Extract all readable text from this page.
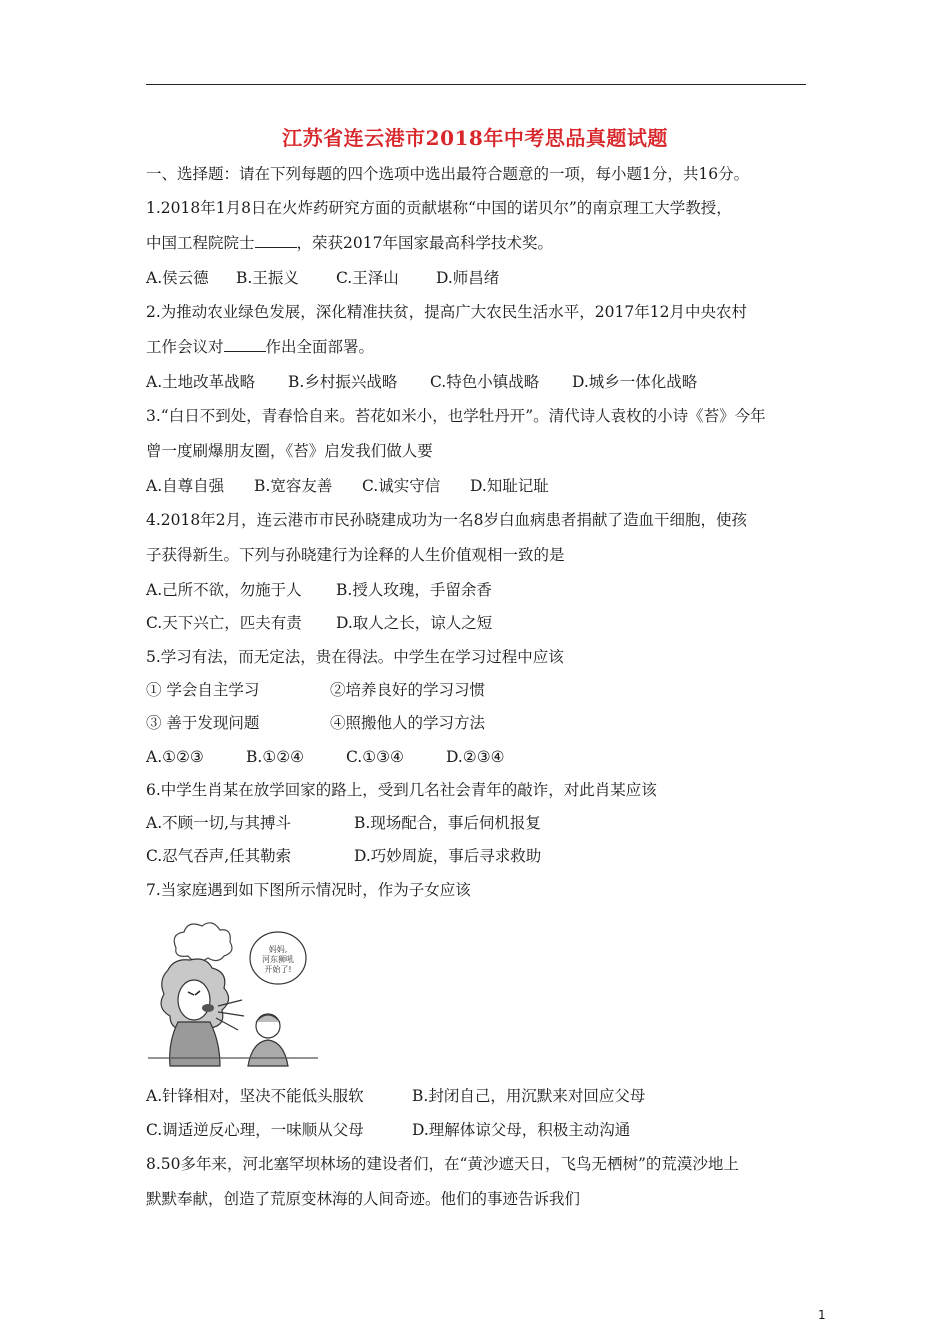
江苏省连云港市2018年中考思品真题试题
一、选择题：请在下列每题的四个选项中选出最符合题意的一项，每小题1分，共16分。
1.2018年1月8日在火炸药研究方面的贡献堪称“中国的诺贝尔”的南京理工大学教授，
中国工程院院士	，荣获2017年国家最高科学技术奖。
A.侯云德 B.王振义 C.王泽山 D.师昌绪
2.为推动农业绿色发展，深化精准扶贫，提高广大农民生活水平，2017年12月中央农村
工作会议对	作出全面部署。
A.土地改革战略 B.乡村振兴战略 C.特色小镇战略 D.城乡一体化战略
3.“白日不到处，青春恰自来。苔花如米小，也学牡丹开”。清代诗人袁枚的小诗《苔》今年
曾一度刷爆朋友圈，《苔》启发我们做人要
A.自尊自强 B.宽容友善 C.诚实守信 D.知耻记耻
4.2018年2月，连云港市市民孙晓建成功为一名8岁白血病患者捐献了造血干细胞，使孩
子获得新生。下列与孙晓建行为诠释的人生价值观相一致的是
A.己所不欲，勿施于人 B.授人玫瑰，手留余香
C.天下兴亡，匹夫有责 D.取人之长，谅人之短
5.学习有法，而无定法，贵在得法。中学生在学习过程中应该
① 学会自主学习	②培养良好的学习习惯
③ 善于发现问题	④照搬他人的学习方法
A.①②③	B.①②④	C.①③④	D.②③④
6.中学生肖某在放学回家的路上，受到几名社会青年的敲诈，对此肖某应该
A.不顾一切,与其搏斗	B.现场配合，事后伺机报复
C.忍气吞声,任其勒索	D.巧妙周旋，事后寻求救助
7.当家庭遇到如下图所示情况时，作为子女应该
妈妈,
河东狮吼
开始了!
A.针锋相对，坚决不能低头服软	B.封闭自己，用沉默来对回应父母
C.调适逆反心理，一味顺从父母	D.理解体谅父母，积极主动沟通
8.50多年来，河北塞罕坝林场的建设者们，在“黄沙遮天日，飞鸟无栖树”的荒漠沙地上
默默奉献，创造了荒原变林海的人间奇迹。他们的事迹告诉我们
1
